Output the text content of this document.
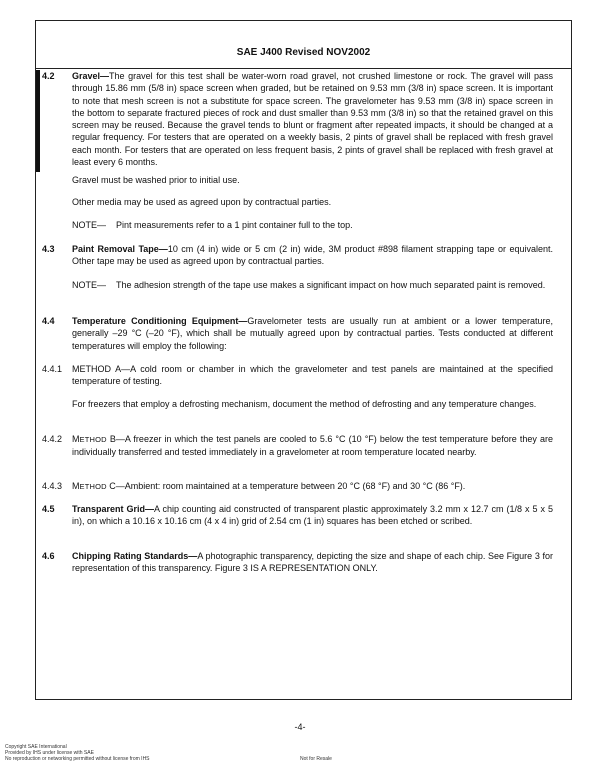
SAE J400 Revised NOV2002
4.2	Gravel—The gravel for this test shall be water-worn road gravel, not crushed limestone or rock. The gravel will pass through 15.86 mm (5/8 in) space screen when graded, but be retained on 9.53 mm (3/8 in) space screen. It is important to note that mesh screen is not a substitute for space screen. The gravelometer has 9.53 mm (3/8 in) space screen in the bottom to separate fractured pieces of rock and dust smaller than 9.53 mm (3/8 in) so that the retained gravel on this screen may be reused. Because the gravel tends to blunt or fragment after repeated impacts, it should be changed at a regular frequency. For testers that are operated on a weekly basis, 2 pints of gravel shall be replaced with fresh gravel each month. For testers that are operated on less frequent basis, 2 pints of gravel shall be replaced with fresh gravel at least every 6 months.
Gravel must be washed prior to initial use.
Other media may be used as agreed upon by contractual parties.
NOTE—	Pint measurements refer to a 1 pint container full to the top.
4.3	Paint Removal Tape—10 cm (4 in) wide or 5 cm (2 in) wide, 3M product #898 filament strapping tape or equivalent. Other tape may be used as agreed upon by contractual parties.
NOTE—	The adhesion strength of the tape use makes a significant impact on how much separated paint is removed.
4.4	Temperature Conditioning Equipment—Gravelometer tests are usually run at ambient or a lower temperature, generally –29 °C (–20 °F), which shall be mutually agreed upon by contractual parties. Tests conducted at different temperatures will employ the following:
4.4.1	METHOD A—A cold room or chamber in which the gravelometer and test panels are maintained at the specified temperature of testing.
For freezers that employ a defrosting mechanism, document the method of defrosting and any temperature changes.
4.4.2	METHOD B—A freezer in which the test panels are cooled to 5.6 °C (10 °F) below the test temperature before they are individually transferred and tested immediately in a gravelometer at room temperature located nearby.
4.4.3	METHOD C—Ambient: room maintained at a temperature between 20 °C (68 °F) and 30 °C (86 °F).
4.5	Transparent Grid—A chip counting aid constructed of transparent plastic approximately 3.2 mm x 12.7 cm (1/8 x 5 x 5 in), on which a 10.16 x 10.16 cm (4 x 4 in) grid of 2.54 cm (1 in) squares has been etched or scribed.
4.6	Chipping Rating Standards—A photographic transparency, depicting the size and shape of each chip. See Figure 3 for representation of this transparency. Figure 3 IS A REPRESENTATION ONLY.
-4-
Copyright SAE International
Provided by IHS under license with SAE
No reproduction or networking permitted without license from IHS	Not for Resale
